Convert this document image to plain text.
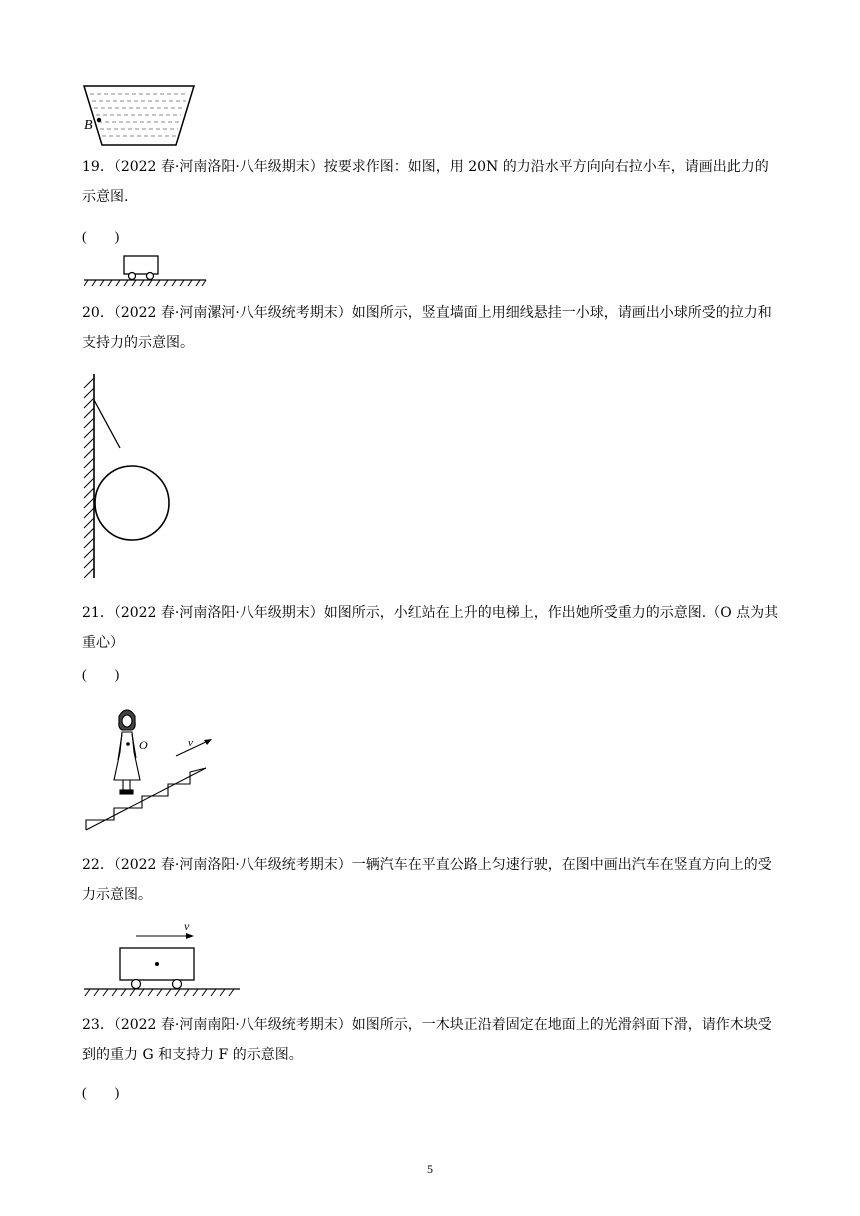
B

19．（2022 春·河南洛阳·八年级期末）按要求作图：如图，用 20N 的力沿水平方向向右拉小车，请画出此力的示意图.

(　　)

20．（2022 春·河南漯河·八年级统考期末）如图所示，竖直墙面上用细线悬挂一小球，请画出小球所受的拉力和支持力的示意图。

21．（2022 春·河南洛阳·八年级期末）如图所示，小红站在上升的电梯上，作出她所受重力的示意图.（O 点为其重心）

(　　)
O	v

22．（2022 春·河南洛阳·八年级统考期末）一辆汽车在平直公路上匀速行驶，在图中画出汽车在竖直方向上的受力示意图。

v

23．（2022 春·河南南阳·八年级统考期末）如图所示，一木块正沿着固定在地面上的光滑斜面下滑，请作木块受到的重力 G 和支持力 F 的示意图。

(　　)
5
